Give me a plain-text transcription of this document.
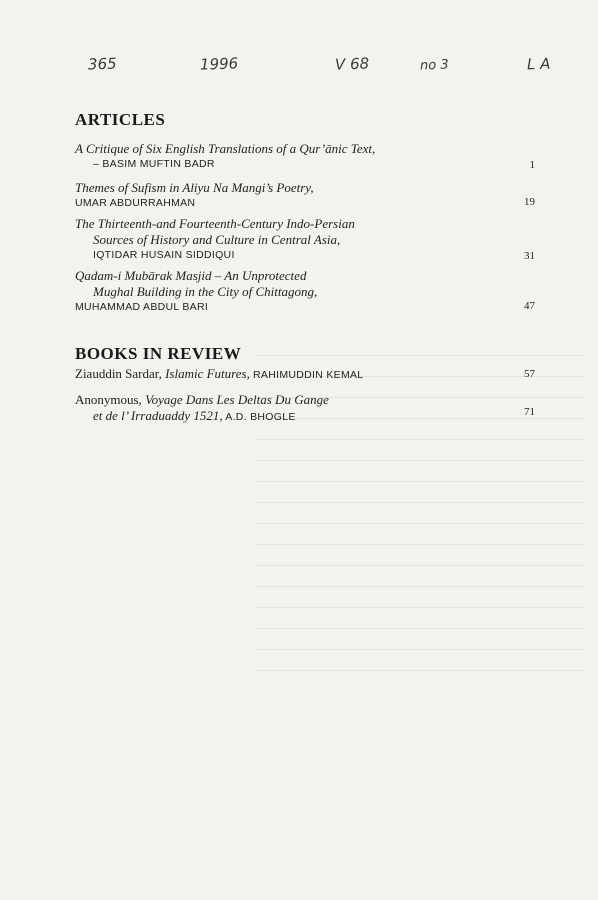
365	1996	V 68	no 3	L A
ARTICLES
A Critique of Six English Translations of a Qur’ānic Text,
– BASIM MUFTIN BADR	1
Themes of Sufism in Aliyu Na Mangi’s Poetry,
UMAR ABDURRAHMAN	19
The Thirteenth-and Fourteenth-Century Indo-Persian
Sources of History and Culture in Central Asia,
IQTIDAR HUSAIN SIDDIQUI	31
Qadam-i Mubārak Masjid – An Unprotected
Mughal Building in the City of Chittagong,
MUHAMMAD ABDUL BARI	47
BOOKS IN REVIEW
Ziauddin Sardar, Islamic Futures, RAHIMUDDIN KEMAL	57
Anonymous, Voyage Dans Les Deltas Du Gange
et de l’ Irraduaddy 1521, A.D. BHOGLE	71
